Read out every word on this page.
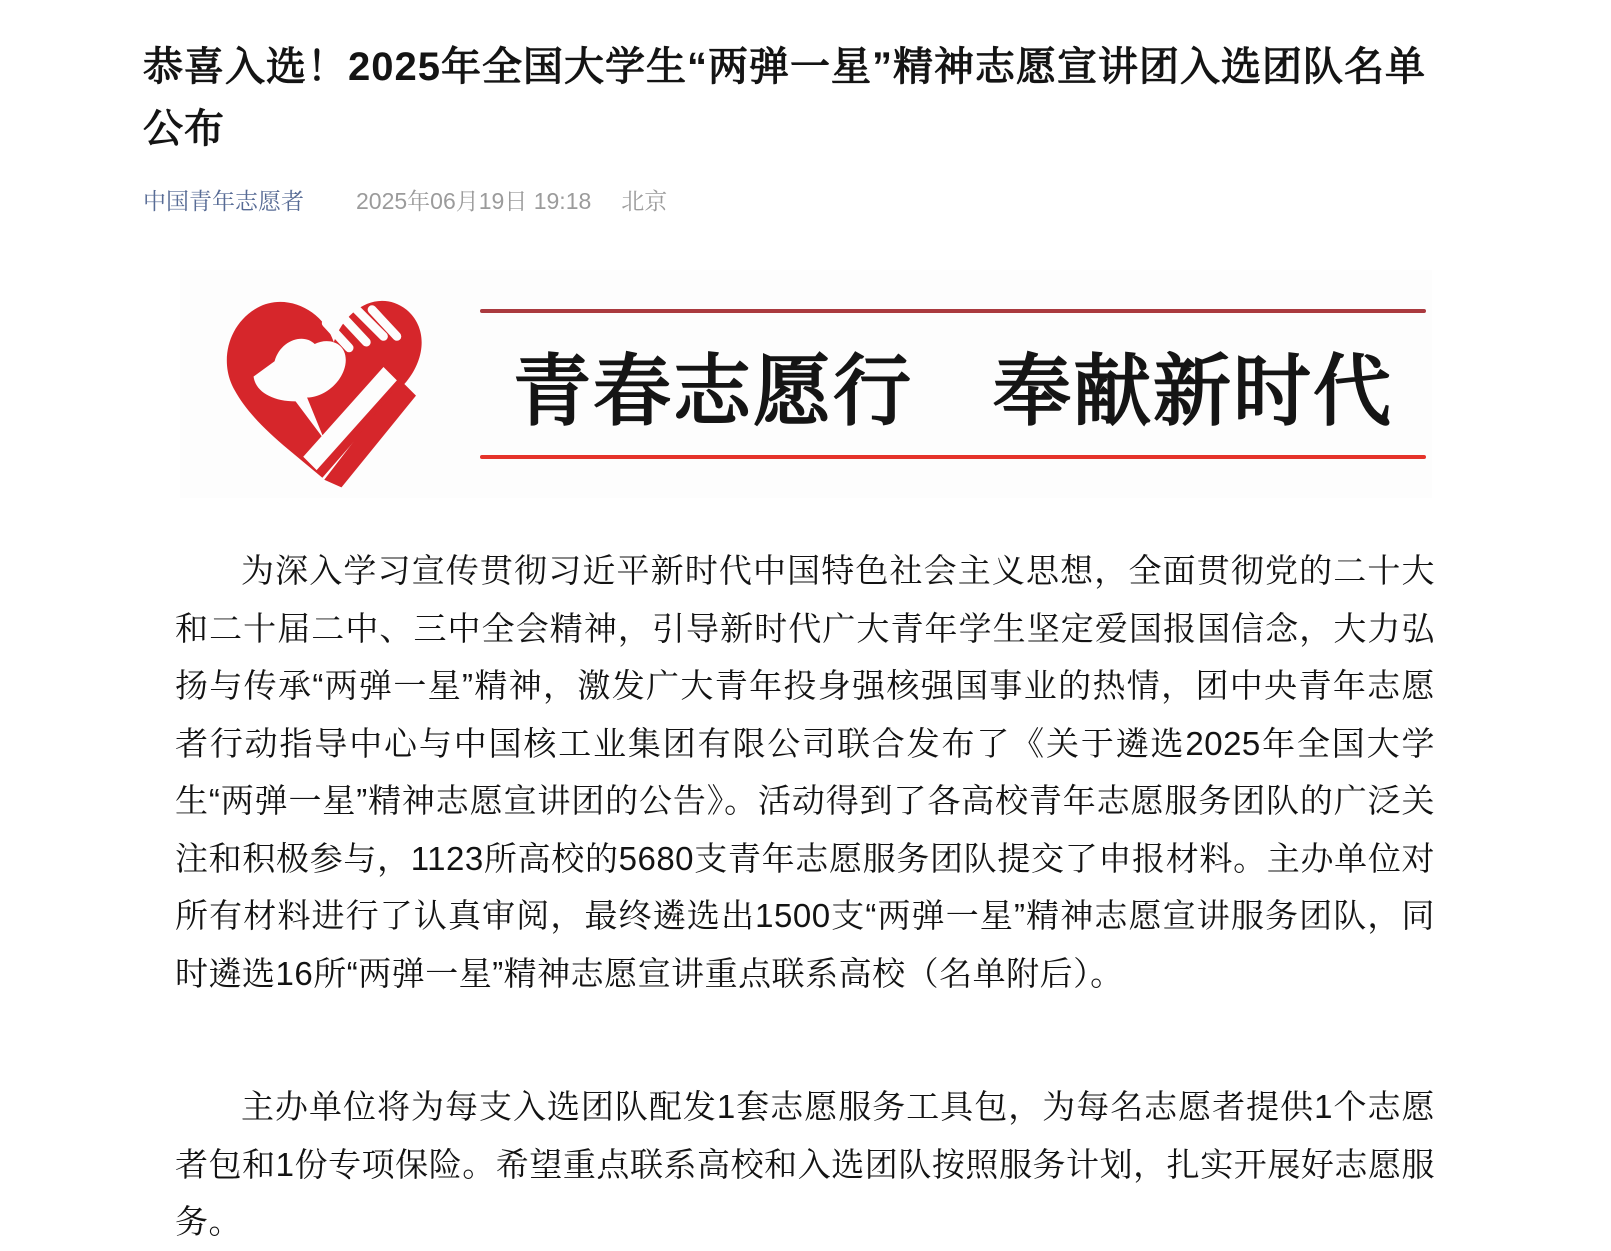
恭喜入选！2025年全国大学生“两弹一星”精神志愿宣讲团入选团队名单公布
中国青年志愿者 2025年06月19日 19:18 北京
青春志愿行　奉献新时代

为深入学习宣传贯彻习近平新时代中国特色社会主义思想，全面贯彻党的二十大和二十届二中、三中全会精神，引导新时代广大青年学生坚定爱国报国信念，大力弘扬与传承“两弹一星”精神，激发广大青年投身强核强国事业的热情，团中央青年志愿者行动指导中心与中国核工业集团有限公司联合发布了《关于遴选2025年全国大学生“两弹一星”精神志愿宣讲团的公告》。活动得到了各高校青年志愿服务团队的广泛关注和积极参与，1123所高校的5680支青年志愿服务团队提交了申报材料。主办单位对所有材料进行了认真审阅，最终遴选出1500支“两弹一星”精神志愿宣讲服务团队，同时遴选16所“两弹一星”精神志愿宣讲重点联系高校（名单附后）。

主办单位将为每支入选团队配发1套志愿服务工具包，为每名志愿者提供1个志愿者包和1份专项保险。希望重点联系高校和入选团队按照服务计划，扎实开展好志愿服务。
